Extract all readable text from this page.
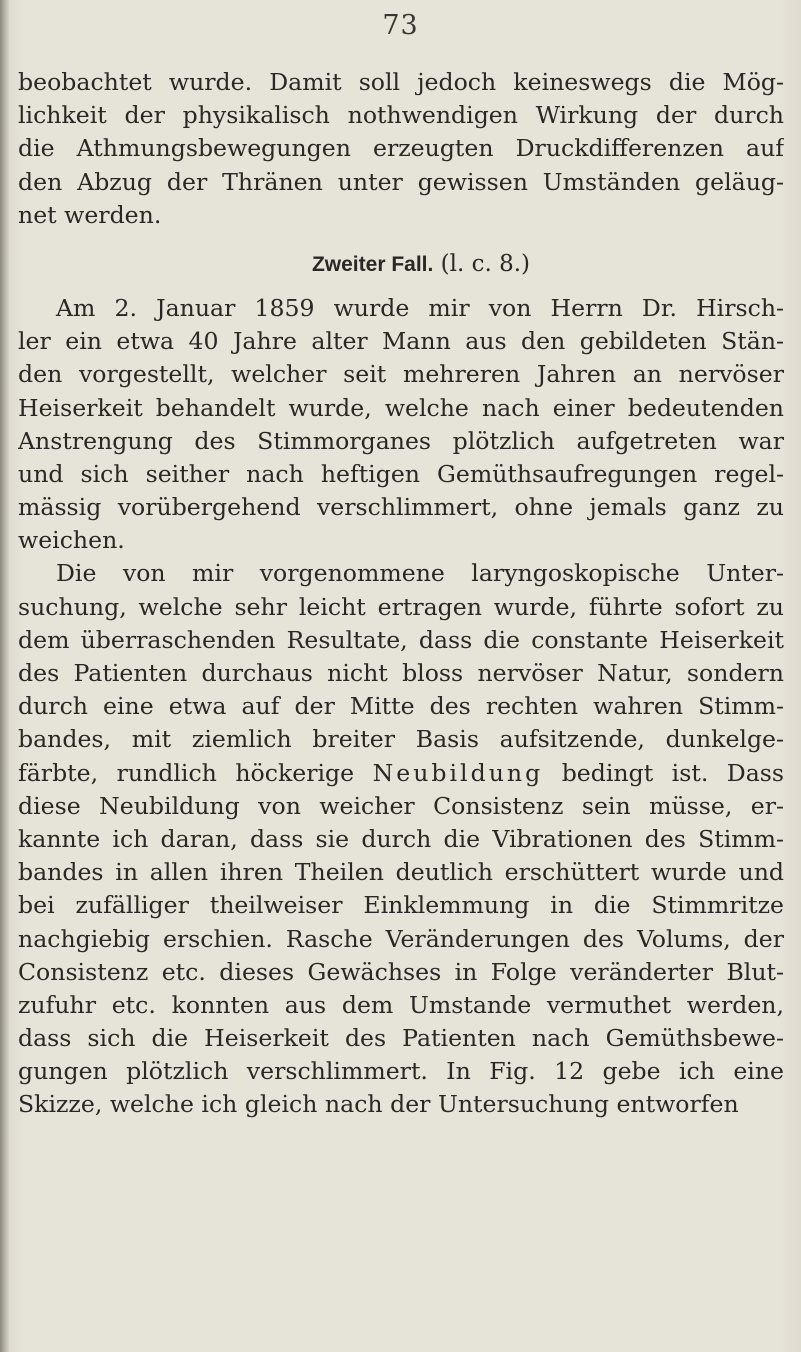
73
beobachtet wurde. Damit soll jedoch keineswegs die Mög-
lichkeit der physikalisch nothwendigen Wirkung der durch
die Athmungsbewegungen erzeugten Druckdifferenzen auf
den Abzug der Thränen unter gewissen Umständen geläug-
net werden.
Zweiter Fall. (l. c. 8.)
Am 2. Januar 1859 wurde mir von Herrn Dr. Hirsch-
ler ein etwa 40 Jahre alter Mann aus den gebildeten Stän-
den vorgestellt, welcher seit mehreren Jahren an nervöser
Heiserkeit behandelt wurde, welche nach einer bedeutenden
Anstrengung des Stimmorganes plötzlich aufgetreten war
und sich seither nach heftigen Gemüthsaufregungen regel-
mässig vorübergehend verschlimmert, ohne jemals ganz zu
weichen.
Die von mir vorgenommene laryngoskopische Unter-
suchung, welche sehr leicht ertragen wurde, führte sofort zu
dem überraschenden Resultate, dass die constante Heiserkeit
des Patienten durchaus nicht bloss nervöser Natur, sondern
durch eine etwa auf der Mitte des rechten wahren Stimm-
bandes, mit ziemlich breiter Basis aufsitzende, dunkelge-
färbte, rundlich höckerige Neubildung bedingt ist. Dass
diese Neubildung von weicher Consistenz sein müsse, er-
kannte ich daran, dass sie durch die Vibrationen des Stimm-
bandes in allen ihren Theilen deutlich erschüttert wurde und
bei zufälliger theilweiser Einklemmung in die Stimmritze
nachgiebig erschien. Rasche Veränderungen des Volums, der
Consistenz etc. dieses Gewächses in Folge veränderter Blut-
zufuhr etc. konnten aus dem Umstande vermuthet werden,
dass sich die Heiserkeit des Patienten nach Gemüthsbewe-
gungen plötzlich verschlimmert. In Fig. 12 gebe ich eine
Skizze, welche ich gleich nach der Untersuchung entworfen
